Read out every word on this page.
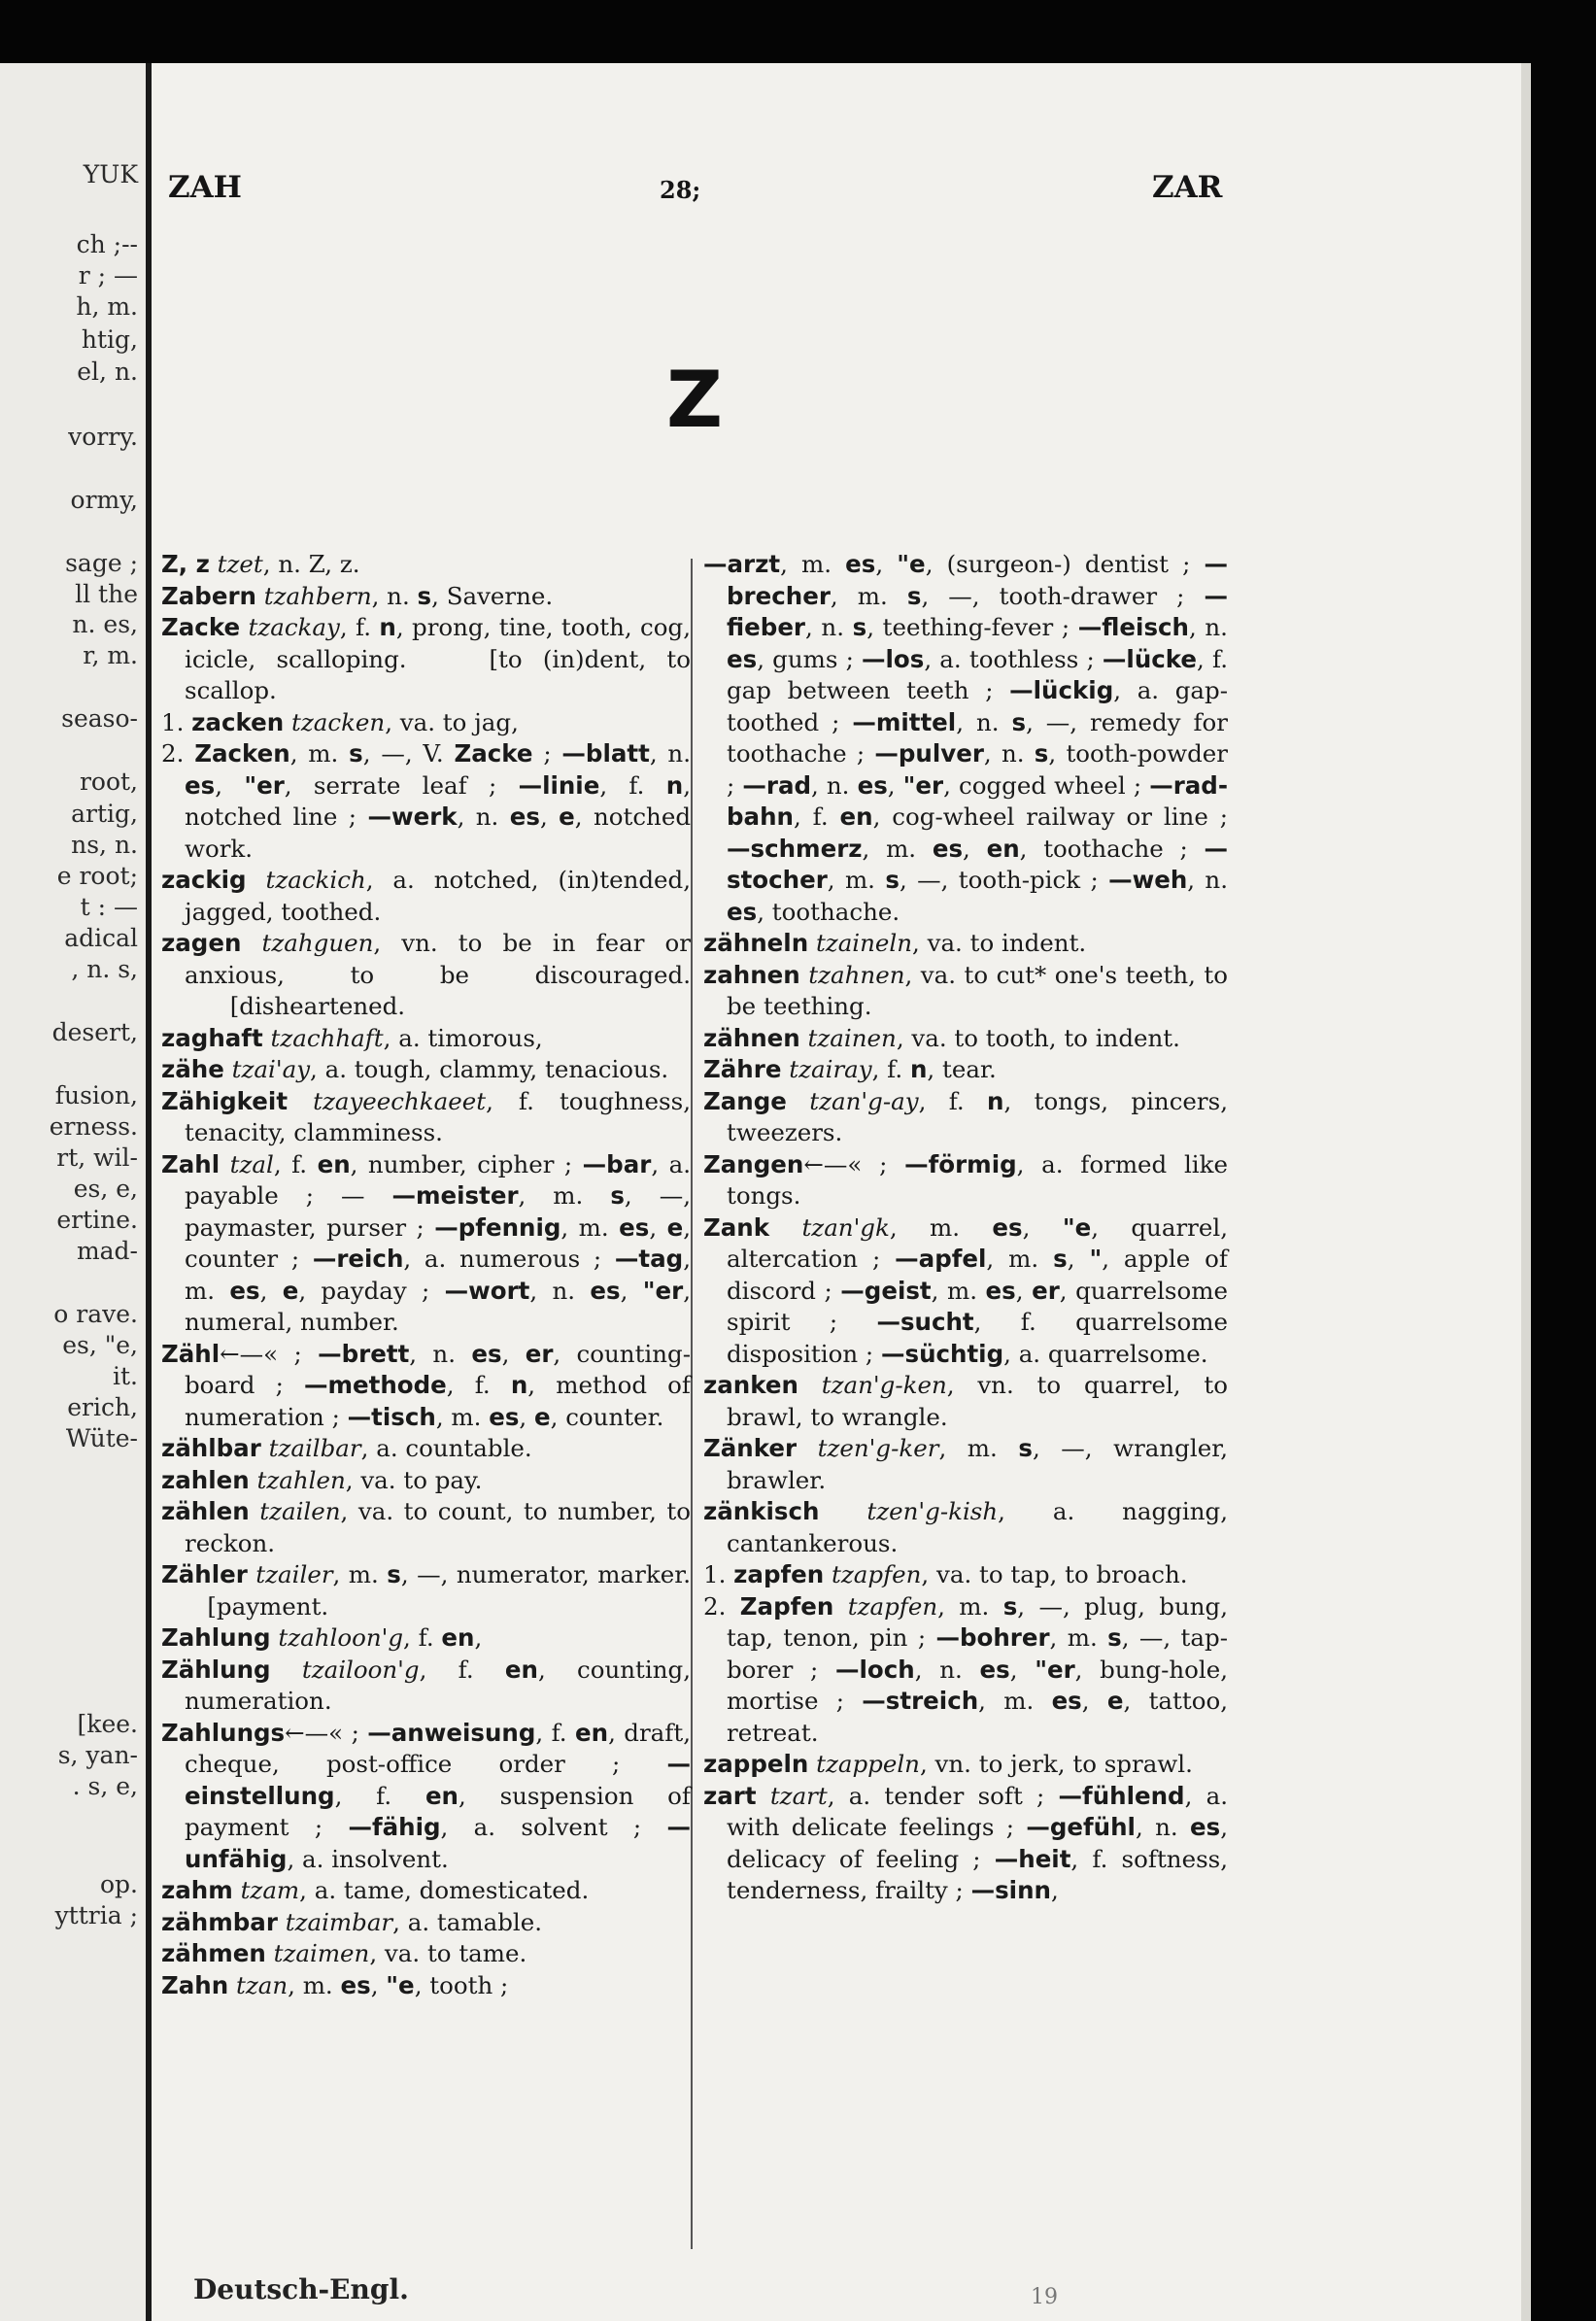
YUK
ch ;--
r ; —
h, m.
htig,
el, n.
vorry.
ormy,
sage ;
ll the
n. es,
r, m.
seaso-
root,
artig,
ns, n.
e root;
t : —
adical
, n. s,
desert,
fusion,
erness.
rt, wil-
es, e,
ertine.
mad-
o rave.
es, "e,
it.
erich,
Wüte-
[kee.
s, yan-
. s, e,
op.
yttria ;
ZAH	28;	ZAR
Z

Z, z tzet, n. Z, z.

Zabern tzahbern, n. s, Saverne.

Zacke tzackay, f. n, prong, tine, tooth, cog, icicle, scalloping.    [to (in)dent, to scallop.

1. zacken tzacken, va. to jag,

2. Zacken, m. s, —, V. Zacke ; —blatt, n. es, "er, serrate leaf ; —linie, f. n, notched line ; —werk, n. es, e, notched work.

zackig tzackich, a. notched, (in)tended, jagged, toothed.

zagen tzahguen, vn. to be in fear or anxious, to be discouraged.       [disheartened.

zaghaft tzachhaft, a. timorous,

zähe tzai'ay, a. tough, clammy, tenacious.

Zähigkeit tzayeechkaeet, f. toughness, tenacity, clamminess.

Zahl tzal, f. en, number, cipher ; —bar, a. payable ; — —meister, m. s, —, paymaster, purser ; —pfennig, m. es, e, counter ; —reich, a. numerous ; —tag, m. es, e, payday ; —wort, n. es, "er, numeral, number.

Zähl←—« ; —brett, n. es, er, counting-board ; —methode, f. n, method of numeration ; —tisch, m. es, e, counter.

zählbar tzailbar, a. countable.

zahlen tzahlen, va. to pay.

zählen tzailen, va. to count, to number, to reckon.

Zähler tzailer, m. s, —, numerator, marker.    [payment.

Zahlung tzahloon'g, f. en,

Zählung tzailoon'g, f. en, counting, numeration.

Zahlungs←—« ; —anweisung, f. en, draft, cheque, post-office order ; —einstellung, f. en, suspension of payment ; —fähig, a. solvent ; —unfähig, a. insolvent.

zahm tzam, a. tame, domesticated.

zähmbar tzaimbar, a. tamable.

zähmen tzaimen, va. to tame.

Zahn tzan, m. es, "e, tooth ;

—arzt, m. es, "e, (surgeon-) dentist ; —brecher, m. s, —, tooth-drawer ; —fieber, n. s, teething-fever ; —fleisch, n. es, gums ; —los, a. toothless ; —lücke, f. gap between teeth ; —lückig, a. gap-toothed ; —mittel, n. s, —, remedy for toothache ; —pulver, n. s, tooth-powder ; —rad, n. es, "er, cogged wheel ; —rad-bahn, f. en, cog-wheel railway or line ; —schmerz, m. es, en, toothache ; —stocher, m. s, —, tooth-pick ; —weh, n. es, toothache.

zähneln tzaineln, va. to indent.

zahnen tzahnen, va. to cut* one's teeth, to be teething.

zähnen tzainen, va. to tooth, to indent.

Zähre tzairay, f. n, tear.

Zange tzan'g-ay, f. n, tongs, pincers, tweezers.

Zangen←—« ; —förmig, a. formed like tongs.

Zank tzan'gk, m. es, "e, quarrel, altercation ; —apfel, m. s, ", apple of discord ; —geist, m. es, er, quarrelsome spirit ; —sucht, f. quarrelsome disposition ; —süchtig, a. quarrelsome.

zanken tzan'g-ken, vn. to quarrel, to brawl, to wrangle.

Zänker tzen'g-ker, m. s, —, wrangler, brawler.

zänkisch tzen'g-kish, a. nagging, cantankerous.

1. zapfen tzapfen, va. to tap, to broach.

2. Zapfen tzapfen, m. s, —, plug, bung, tap, tenon, pin ; —bohrer, m. s, —, tap-borer ; —loch, n. es, "er, bung-hole, mortise ; —streich, m. es, e, tattoo, retreat.

zappeln tzappeln, vn. to jerk, to sprawl.

zart tzart, a. tender soft ; —fühlend, a. with delicate feelings ; —gefühl, n. es, delicacy of feeling ; —heit, f. softness, tenderness, frailty ; —sinn,

Deutsch-Engl.	19
